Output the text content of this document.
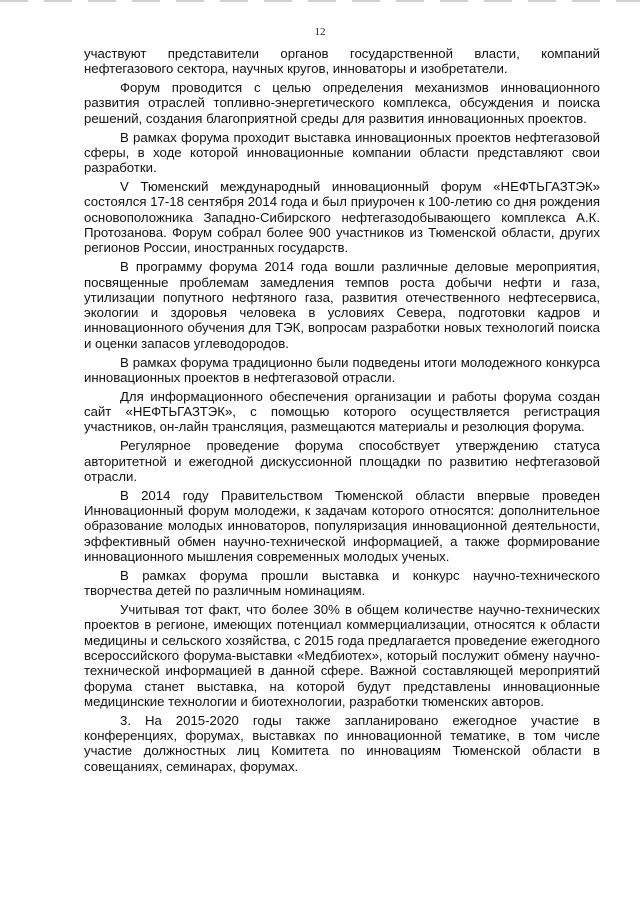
12

участвуют представители органов государственной власти, компаний нефтегазового сектора, научных кругов, инноваторы и изобретатели.

Форум проводится с целью определения механизмов инновационного развития отраслей топливно-энергетического комплекса, обсуждения и поиска решений, создания благоприятной среды для развития инновационных проектов.

В рамках форума проходит выставка инновационных проектов нефтегазовой сферы, в ходе которой инновационные компании области представляют свои разработки.

V Тюменский международный инновационный форум «НЕФТЬГАЗТЭК» состоялся 17-18 сентября 2014 года и был приурочен к 100-летию со дня рождения основоположника Западно-Сибирского нефтегазодобывающего комплекса А.К. Протозанова. Форум собрал более 900 участников из Тюменской области, других регионов России, иностранных государств.

В программу форума 2014 года вошли различные деловые мероприятия, посвященные проблемам замедления темпов роста добычи нефти и газа, утилизации попутного нефтяного газа, развития отечественного нефтесервиса, экологии и здоровья человека в условиях Севера, подготовки кадров и инновационного обучения для ТЭК, вопросам разработки новых технологий поиска и оценки запасов углеводородов.

В рамках форума традиционно были подведены итоги молодежного конкурса инновационных проектов в нефтегазовой отрасли.

Для информационного обеспечения организации и работы форума создан сайт «НЕФТЬГАЗТЭК», с помощью которого осуществляется регистрация участников, он-лайн трансляция, размещаются материалы и резолюция форума.

Регулярное проведение форума способствует утверждению статуса авторитетной и ежегодной дискуссионной площадки по развитию нефтегазовой отрасли.

В 2014 году Правительством Тюменской области впервые проведен Инновационный форум молодежи, к задачам которого относятся: дополнительное образование молодых инноваторов, популяризация инновационной деятельности, эффективный обмен научно-технической информацией, а также формирование инновационного мышления современных молодых ученых.

В рамках форума прошли выставка и конкурс научно-технического творчества детей по различным номинациям.

Учитывая тот факт, что более 30% в общем количестве научно-технических проектов в регионе, имеющих потенциал коммерциализации, относятся к области медицины и сельского хозяйства, с 2015 года предлагается проведение ежегодного всероссийского форума-выставки «Медбиотех», который послужит обмену научно-технической информацией в данной сфере. Важной составляющей мероприятий форума станет выставка, на которой будут представлены инновационные медицинские технологии и биотехнологии, разработки тюменских авторов.

3. На 2015-2020 годы также запланировано ежегодное участие в конференциях, форумах, выставках по инновационной тематике, в том числе участие должностных лиц Комитета по инновациям Тюменской области в совещаниях, семинарах, форумах.
